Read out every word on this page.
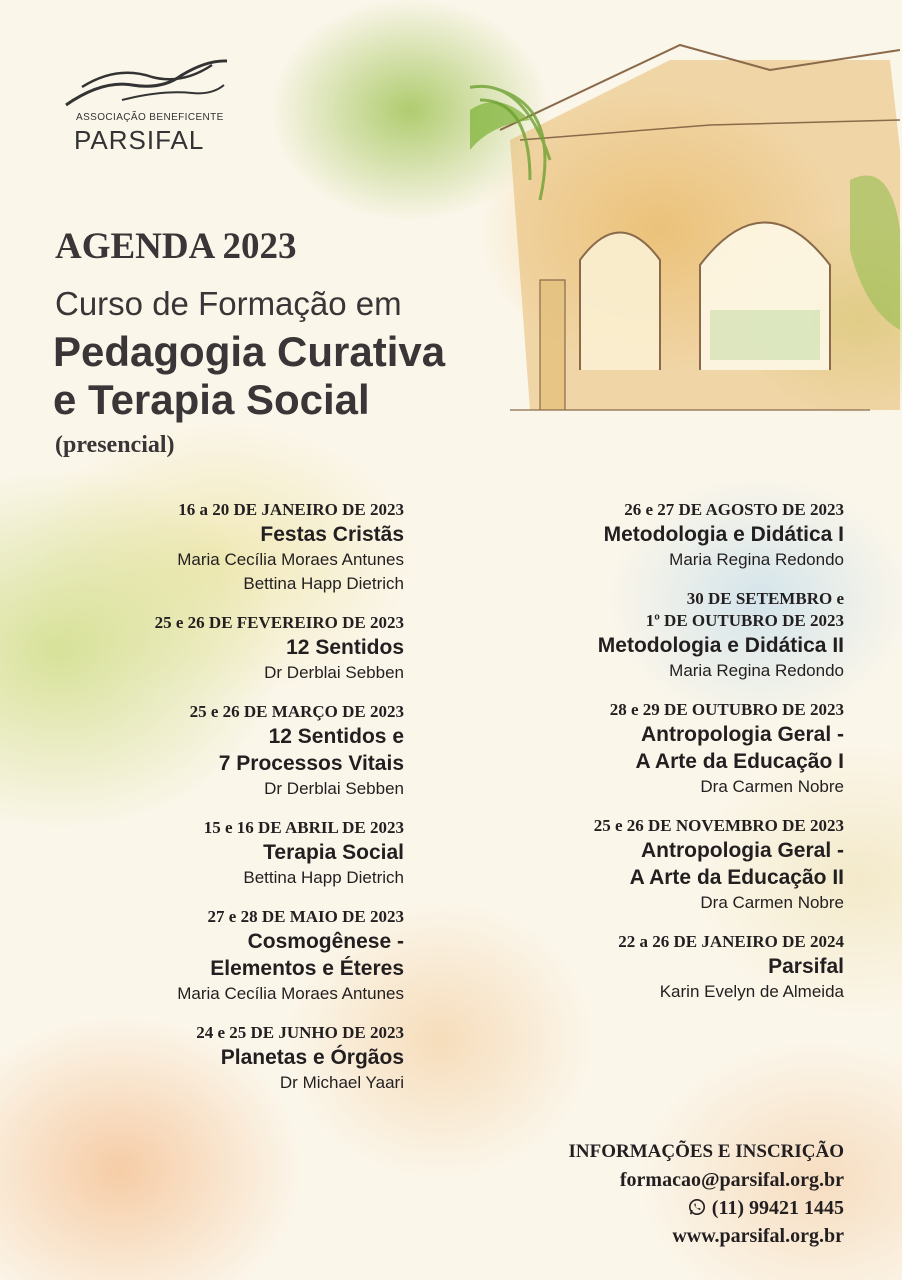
ASSOCIAÇÃO BENEFICENTE
PARSIFAL
AGENDA 2023
Curso de Formação em
Pedagogia Curativa
e Terapia Social
(presencial)
16 a 20 DE JANEIRO DE 2023
Festas Cristãs
Maria Cecília Moraes Antunes
Bettina Happ Dietrich
25 e 26 DE FEVEREIRO DE 2023
12 Sentidos
Dr Derblai Sebben
25 e 26 DE MARÇO DE 2023
12 Sentidos e
7 Processos Vitais
Dr Derblai Sebben
15 e 16 DE ABRIL DE 2023
Terapia Social
Bettina Happ Dietrich
27 e 28 DE MAIO DE 2023
Cosmogênese -
Elementos e Éteres
Maria Cecília Moraes Antunes
24 e 25 DE JUNHO DE 2023
Planetas e Órgãos
Dr Michael Yaari
26 e 27 DE AGOSTO DE 2023
Metodologia e Didática I
Maria Regina Redondo
30 DE SETEMBRO e
1º DE OUTUBRO DE 2023
Metodologia e Didática II
Maria Regina Redondo
28 e 29 DE OUTUBRO DE 2023
Antropologia Geral -
A Arte da Educação I
Dra Carmen Nobre
25 e 26 DE NOVEMBRO DE 2023
Antropologia Geral -
A Arte da Educação II
Dra Carmen Nobre
22 a 26 DE JANEIRO DE 2024
Parsifal
Karin Evelyn de Almeida
INFORMAÇÕES E INSCRIÇÃO
formacao@parsifal.org.br
(11) 99421 1445
www.parsifal.org.br
